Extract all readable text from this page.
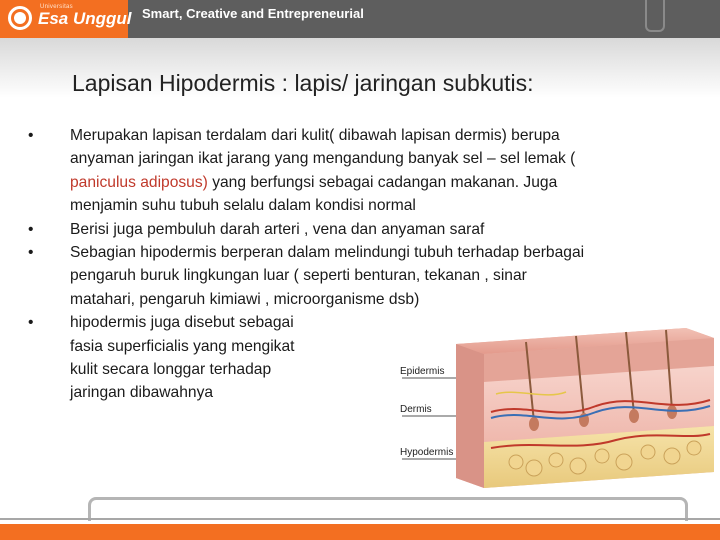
Universitas
Esa Unggul Smart, Creative and Entrepreneurial
Lapisan Hipodermis : lapis/ jaringan subkutis:
• Merupakan lapisan terdalam dari kulit( dibawah lapisan dermis) berupa
anyaman jaringan ikat jarang yang mengandung banyak sel – sel lemak (
paniculus adiposus) yang berfungsi sebagai cadangan makanan. Juga
menjamin suhu tubuh selalu dalam kondisi normal
• Berisi juga pembuluh darah arteri , vena dan anyaman saraf
• Sebagian hipodermis berperan dalam melindungi tubuh terhadap berbagai
pengaruh buruk lingkungan luar ( seperti benturan, tekanan , sinar
matahari, pengaruh kimiawi , microorganisme dsb)
• hipodermis juga disebut sebagai
fasia superficialis yang mengikat
kulit secara longgar terhadap
jaringan dibawahnya
Epidermis
Dermis
Hypodermis
